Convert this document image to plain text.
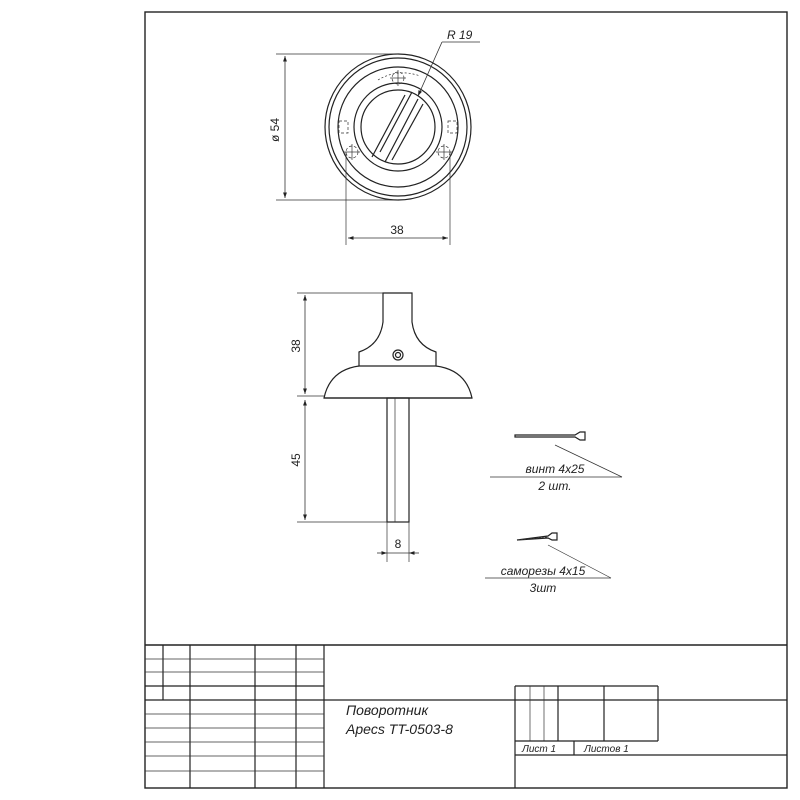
R 19
ø 54
38
38
45
8
винт 4x25
2 шт.
саморезы 4x15
3шт
Поворотник
Apecs TT-0503-8
Лист 1	Листов 1
